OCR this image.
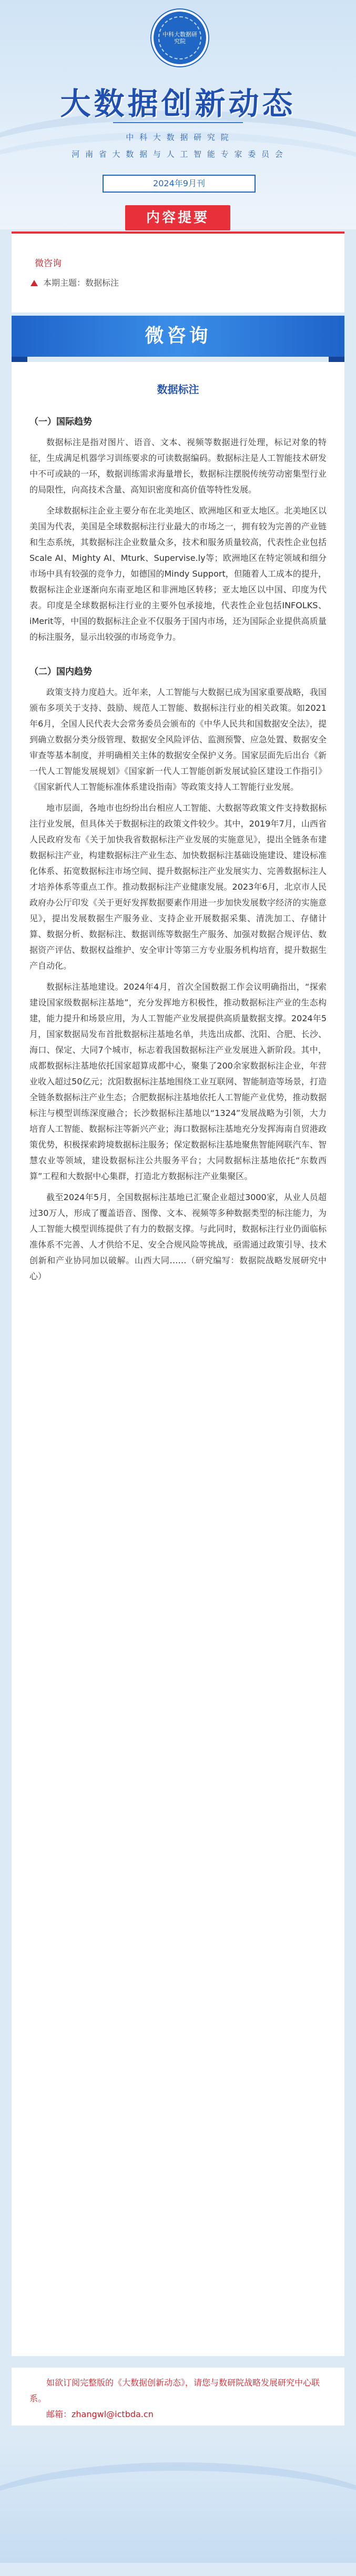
中科大数据研究院
大数据创新动态
中 科 大 数 据 研 究 院
河 南 省 大 数 据 与 人 工 智 能 专 家 委 员 会
2024年9月刊
内容提要
微咨询
本期主题：数据标注
微咨询
数据标注
（一）国际趋势

数据标注是指对图片、语音、文本、视频等数据进行处理，标记对象的特征，生成满足机器学习训练要求的可读数据编码。数据标注是人工智能技术研发中不可或缺的一环，数据训练需求海量增长，数据标注摆脱传统劳动密集型行业的局限性，向高技术含量、高知识密度和高价值等特性发展。

全球数据标注企业主要分布在北美地区、欧洲地区和亚太地区。北美地区以美国为代表，美国是全球数据标注行业最大的市场之一，拥有较为完善的产业链和生态系统，其数据标注企业数量众多，技术和服务质量较高，代表性企业包括Scale AI、Mighty AI、Mturk、Supervise.ly等；欧洲地区在特定领域和细分市场中具有较强的竞争力，如德国的Mindy Support，但随着人工成本的提升，数据标注企业逐渐向东南亚地区和非洲地区转移；亚太地区以中国、印度为代表。印度是全球数据标注行业的主要外包承接地，代表性企业包括INFOLKS、iMerit等，中国的数据标注企业不仅服务于国内市场，还为国际企业提供高质量的标注服务，显示出较强的市场竞争力。

（二）国内趋势

政策支持力度趋大。近年来，人工智能与大数据已成为国家重要战略，我国颁布多项关于支持、鼓励、规范人工智能、数据标注行业的相关政策。如2021年6月，全国人民代表大会常务委员会颁布的《中华人民共和国数据安全法》，提到确立数据分类分级管理、数据安全风险评估、监测预警、应急处置、数据安全审查等基本制度，并明确相关主体的数据安全保护义务。国家层面先后出台《新一代人工智能发展规划》《国家新一代人工智能创新发展试验区建设工作指引》《国家新代人工智能标准体系建设指南》等政策支持人工智能行业发展。

地市层面，各地市也纷纷出台相应人工智能、大数据等政策文件支持数据标注行业发展，但具体关于数据标注的政策文件较少。其中，2019年7月，山西省人民政府发布《关于加快我省数据标注产业发展的实施意见》，提出全链条布建数据标注产业，构建数据标注产业生态、加快数据标注基础设施建设、建设标准化体系、拓宽数据标注市场空间、提升数据标注产业发展实力、完善数据标注人才培养体系等重点工作。推动数据标注产业健康发展。2023年6月，北京市人民政府办公厅印发《关于更好发挥数据要素作用进一步加快发展数字经济的实施意见》，提出发展数据生产服务业、支持企业开展数据采集、清洗加工、存储计算、数据分析、数据标注、数据训练等数据生产服务、加强对数据合规评估、数据资产评估、数据权益维护、安全审计等第三方专业服务机构培育，提升数据生产自动化。

数据标注基地建设。2024年4月，首次全国数据工作会议明确指出，“探索建设国家级数据标注基地”，充分发挥地方积极性，推动数据标注产业的生态构建，能力提升和场景应用，为人工智能产业发展提供高质量数据支撑。2024年5月，国家数据局发布首批数据标注基地名单，共选出成都、沈阳、合肥、长沙、海口、保定、大同7个城市，标志着我国数据标注产业发展进入新阶段。其中，成都数据标注基地依托国家超算成都中心，聚集了200余家数据标注企业，年营业收入超过50亿元；沈阳数据标注基地围绕工业互联网、智能制造等场景，打造全链条数据标注产业生态；合肥数据标注基地依托人工智能产业优势，推动数据标注与模型训练深度融合；长沙数据标注基地以“1324”发展战略为引领，大力培育人工智能、数据标注等新兴产业；海口数据标注基地充分发挥海南自贸港政策优势，积极探索跨境数据标注服务；保定数据标注基地聚焦智能网联汽车、智慧农业等领域，建设数据标注公共服务平台；大同数据标注基地依托“东数西算”工程和大数据中心集群，打造北方数据标注产业集聚区。

截至2024年5月，全国数据标注基地已汇聚企业超过3000家，从业人员超过30万人，形成了覆盖语音、图像、文本、视频等多种数据类型的标注能力，为人工智能大模型训练提供了有力的数据支撑。与此同时，数据标注行业仍面临标准体系不完善、人才供给不足、安全合规风险等挑战，亟需通过政策引导、技术创新和产业协同加以破解。山西大同……（研究编写：数据院战略发展研究中心）

如欲订阅完整版的《大数据创新动态》，请您与数研院战略发展研究中心联系。
邮箱：zhangwl@ictbda.cn
